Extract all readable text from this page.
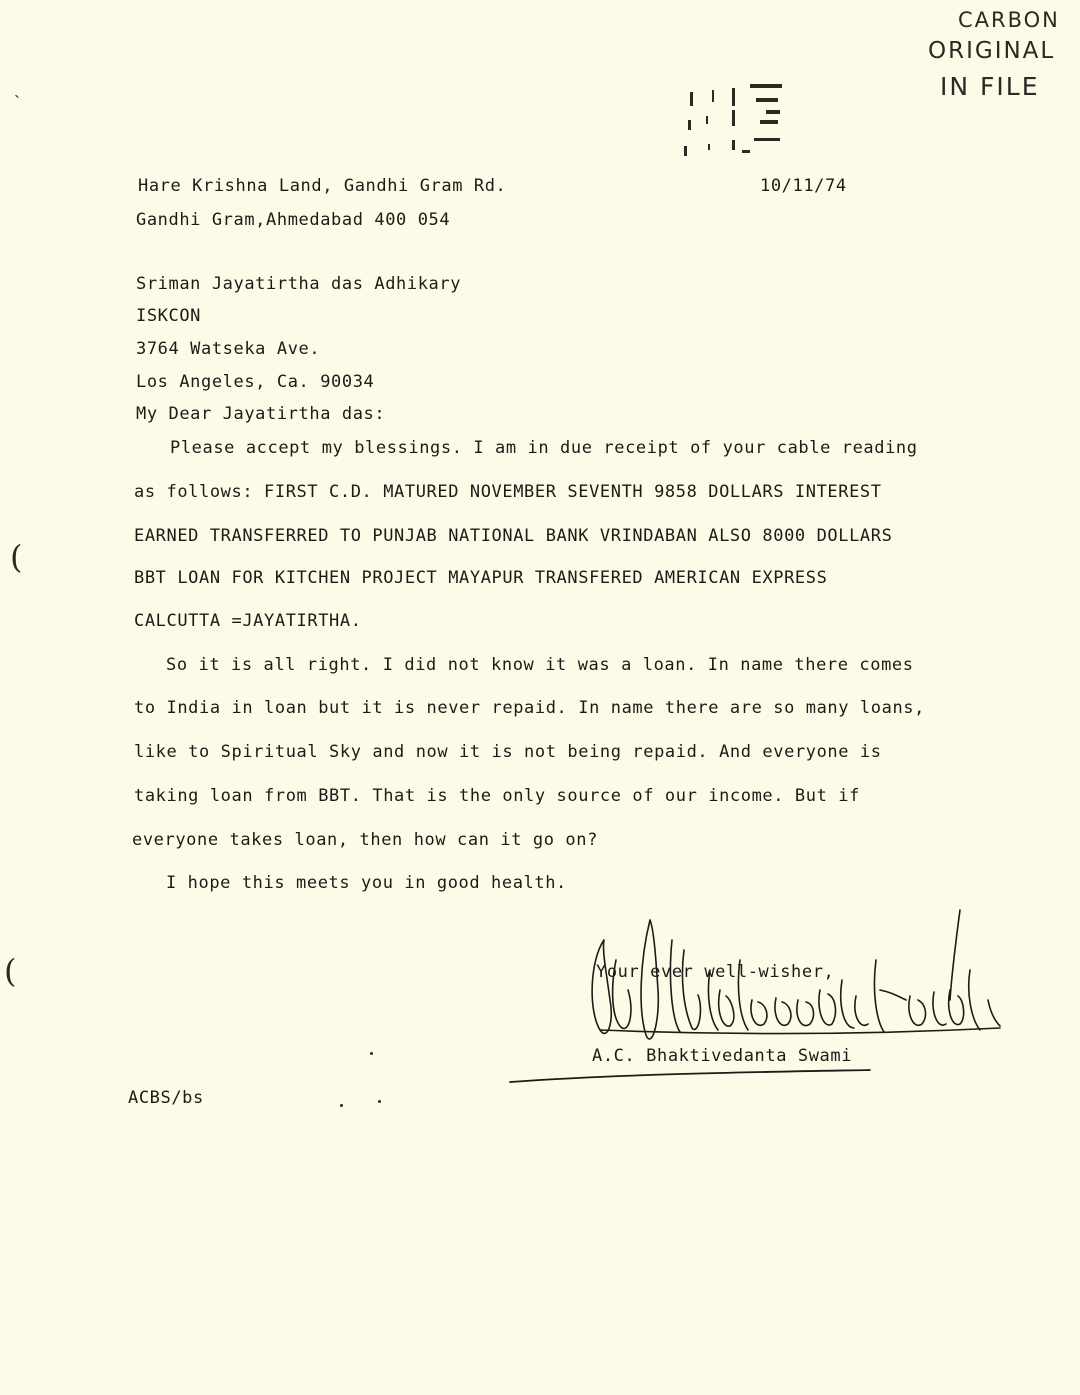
CARBON
ORIGINAL
IN FILE
ˏ
(
(
Hare Krishna Land, Gandhi Gram Rd.
Gandhi Gram,Ahmedabad 400 054
10/11/74
Sriman Jayatirtha das Adhikary
ISKCON
3764 Watseka Ave.
Los Angeles, Ca. 90034
My Dear Jayatirtha das:
Please accept my blessings. I am in due receipt of your cable reading
as follows: FIRST C.D. MATURED NOVEMBER SEVENTH 9858 DOLLARS INTEREST
EARNED TRANSFERRED TO PUNJAB NATIONAL BANK VRINDABAN ALSO 8000 DOLLARS
BBT LOAN FOR KITCHEN PROJECT MAYAPUR TRANSFERED AMERICAN EXPRESS
CALCUTTA =JAYATIRTHA.
So it is all right. I did not know it was a loan. In name there comes
to India in loan but it is never repaid. In name there are so many loans,
like to Spiritual Sky and now it is not being repaid. And everyone is
taking loan from BBT. That is the only source of our income. But if
everyone takes loan, then how can it go on?
I hope this meets you in good health.
Your ever well-wisher,
A.C. Bhaktivedanta Swami
ACBS/bs
